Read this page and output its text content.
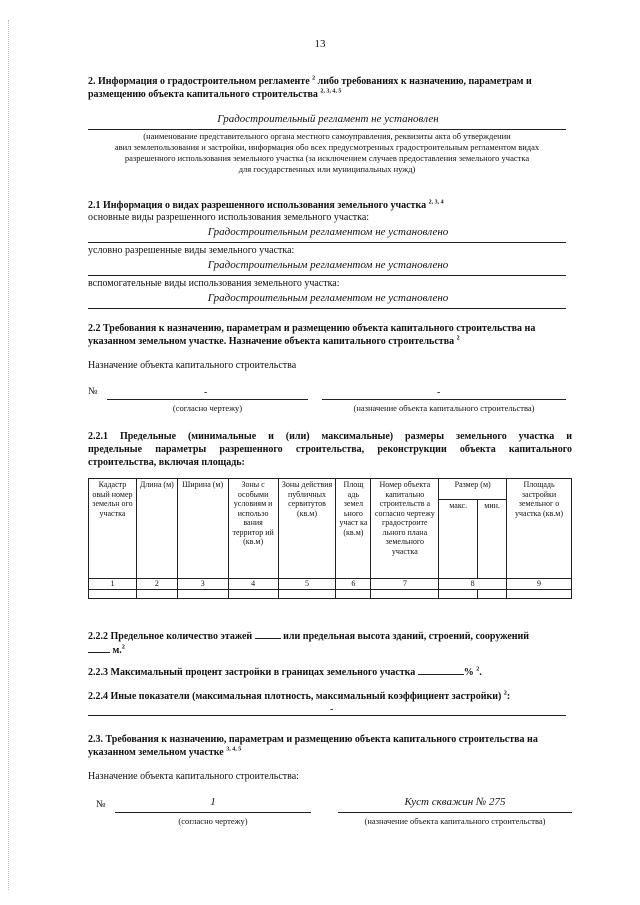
13
2. Информация о градостроительном регламенте $^2$ либо требованиях к назначению, параметрам и
размещению объекта капитального строительства $^{2, 3, 4, 5}$
Градостроительный регламент не установлен
(наименование представительного органа местного самоуправления, реквизиты акта об утверждении
авил землепользования и застройки, информация обо всех предусмотренных градостроительным регламентом видах
разрешенного использования земельного участка (за исключением случаев предоставления земельного участка
для государственных или муниципальных нужд)
2.1 Информация о видах разрешенного использования земельного участка $^{2, 3, 4}$
основные виды разрешенного использования земельного участка:
Градостроительным регламентом не установлено
условно разрешенные виды земельного участка:
Градостроительным регламентом не установлено
вспомогательные виды использования земельного участка:
Градостроительным регламентом не установлено
2.2 Требования к назначению, параметрам и размещению объекта капитального строительства на
указанном земельном участке. Назначение объекта капитального строительства $^2$
Назначение объекта капитального строительства
№	-	-
(согласно чертежу)	(назначение объекта капитального строительства)
2.2.1 Предельные (минимальные и (или) максимальные) размеры земельного участка и
предельные параметры разрешенного строительства, реконструкции объекта капитального
строительства, включая площадь:
Кадастр овый номер земельн ого участка	Длина (м)	Ширина (м)	Зоны с особыми условиям и использо вания территор ий (кв.м)	Зоны действия публичных сервитутов (кв.м)	Площ адь земел ьного участ ка (кв.м)	Номер объекта капитально строительств а согласно чертежу градостроите льного плана земельного участка	Размер (м)		Площадь застройки земельног о участка (кв.м)
							макс.	мин.	
1	2	3	4	5	6	7	8		9

2.2.2 Предельное количество этажей	или предельная высота зданий, строений, сооружений
м.$^2$
2.2.3 Максимальный процент застройки в границах земельного участка	% $^2$.
2.2.4 Иные показатели (максимальная плотность, максимальный коэффициент застройки) $^2$:
-
2.3. Требования к назначению, параметрам и размещению объекта капитального строительства на
указанном земельном участке $^{3, 4, 5}$
Назначение объекта капитального строительства:
№	1	Куст скважин № 275
(согласно чертежу)	(назначение объекта капитального строительства)
